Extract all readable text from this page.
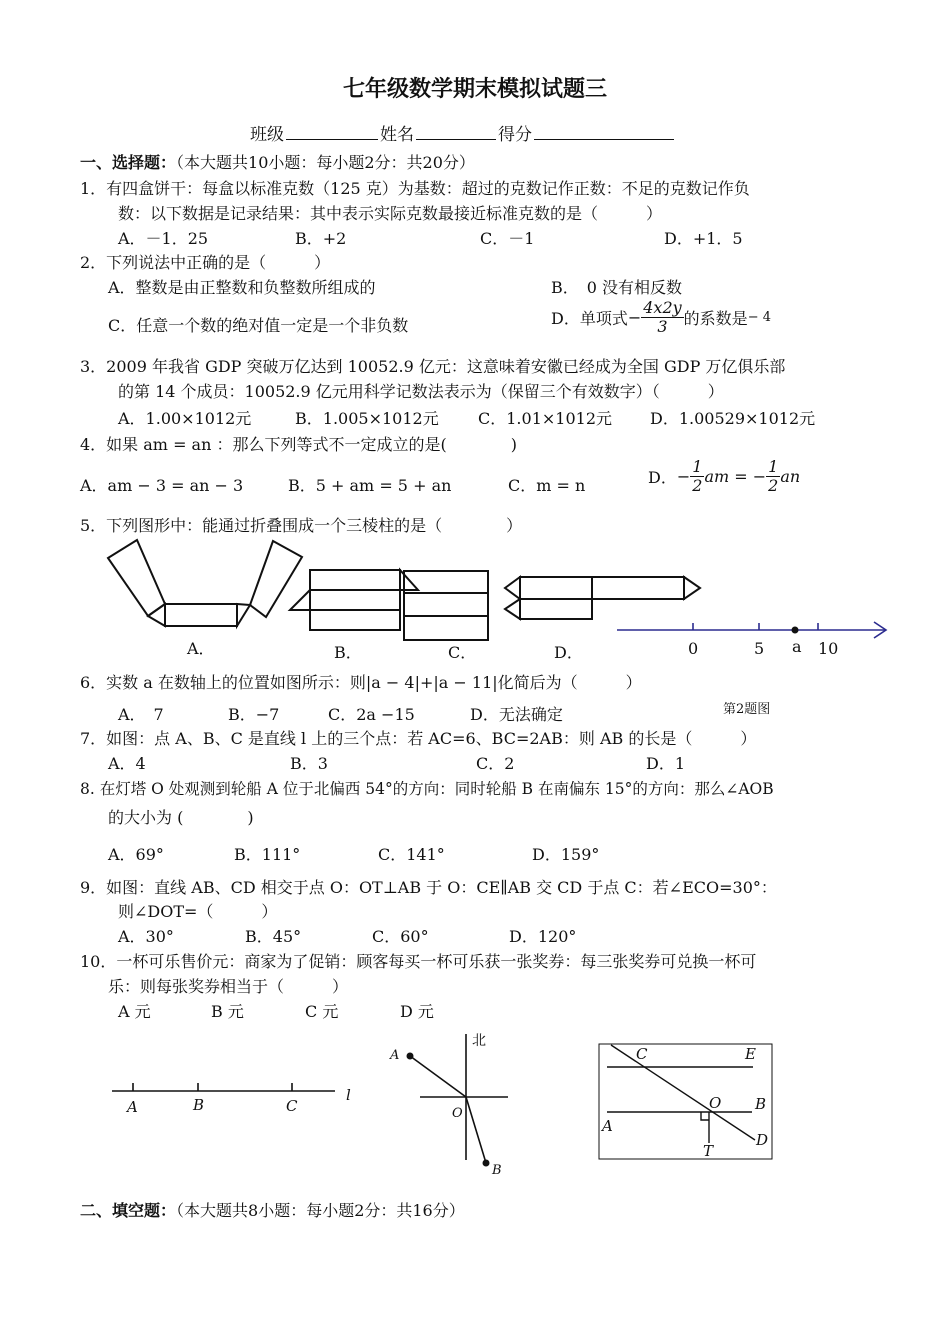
七年级数学期末模拟试题三
班级	姓名	得分
一、选择题：（本大题共10小题：每小题2分：共20分）
1．有四盒饼干：每盒以标准克数（125 克）为基数：超过的克数记作正数：不足的克数记作负
数：以下数据是记录结果：其中表示实际克数最接近标准克数的是（　　　）
A．－1．25	B．+2	C．－1	D．+1．5
2．下列说法中正确的是（　　　）
A．整数是由正整数和负整数所组成的	B．　0 没有相反数
C．任意一个数的绝对值一定是一个非负数	D．单项式− $\frac{4x2y}{3}$ 的系数是− 4
3．2009 年我省 GDP 突破万亿达到 10052.9 亿元：这意味着安徽已经成为全国 GDP 万亿俱乐部
的第 14 个成员：10052.9 亿元用科学记数法表示为（保留三个有效数字）（　　　）
A．1.00×1012元	B．1.005×1012元 C．1.01×1012元 D．1.00529×1012元
4．如果 am = an ：那么下列等式不一定成立的是(　　　　)
A．am − 3 = an − 3	B．5 + am = 5 + an	C．m = n	D．− $\frac{1}{2}$ am = − $\frac{1}{2}$ an
5．下列图形中：能通过折叠围成一个三棱柱的是（　　　　）
A．	B．	C．	D．	0	5 a 10
第2题图
6．实数 a 在数轴上的位置如图所示：则|a − 4|+|a − 11|化简后为（　　　）
A．　7	B．−7	C．2a −15	D．无法确定
7．如图：点 A、B、C 是直线 l 上的三个点：若 AC=6、BC=2AB：则 AB 的长是（　　　）
A．4	B．3	C．2	D．1
8. 在灯塔 O 处观测到轮船 A 位于北偏西 54°的方向：同时轮船 B 在南偏东 15°的方向：那么∠AOB
的大小为 (　　　　)
A．69°	B．111°	C．141°	D．159°
9．如图：直线 AB、CD 相交于点 O：OT⊥AB 于 O：CE∥AB 交 CD 于点 C：若∠ECO=30°：
则∠DOT=（　　　）
A．30°	B．45°	C．60°	D．120°
10．一杯可乐售价元：商家为了促销：顾客每买一杯可乐获一张奖券：每三张奖券可兑换一杯可
乐：则每张奖券相当于（　　　）
A 元	B 元	C 元	D 元
A	B	C
l
北
A
O
B
C	E
O B
A
T
D
二、填空题：（本大题共8小题：每小题2分：共16分）
